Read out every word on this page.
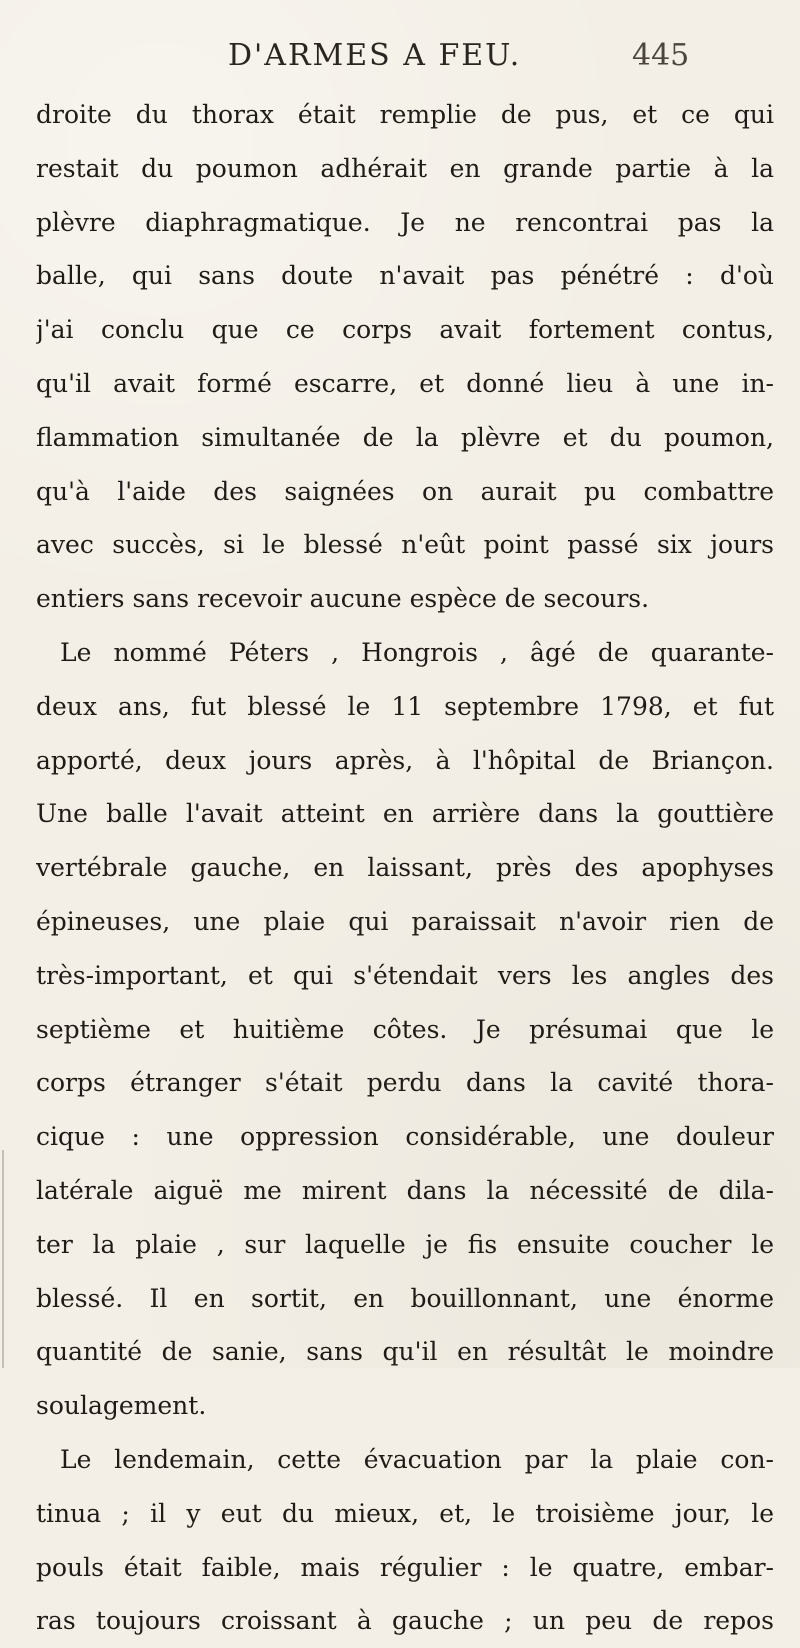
D'ARMES A FEU.	445
droite du thorax était remplie de pus, et ce qui
restait du poumon adhérait en grande partie à la
plèvre diaphragmatique. Je ne rencontrai pas la
balle, qui sans doute n'avait pas pénétré : d'où
j'ai conclu que ce corps avait fortement contus,
qu'il avait formé escarre, et donné lieu à une in-
flammation simultanée de la plèvre et du poumon,
qu'à l'aide des saignées on aurait pu combattre
avec succès, si le blessé n'eût point passé six jours
entiers sans recevoir aucune espèce de secours.
Le nommé Péters , Hongrois , âgé de quarante-
deux ans, fut blessé le 11 septembre 1798, et fut
apporté, deux jours après, à l'hôpital de Briançon.
Une balle l'avait atteint en arrière dans la gouttière
vertébrale gauche, en laissant, près des apophyses
épineuses, une plaie qui paraissait n'avoir rien de
très-important, et qui s'étendait vers les angles des
septième et huitième côtes. Je présumai que le
corps étranger s'était perdu dans la cavité thora-
cique : une oppression considérable, une douleur
latérale aiguë me mirent dans la nécessité de dila-
ter la plaie , sur laquelle je fis ensuite coucher le
blessé. Il en sortit, en bouillonnant, une énorme
quantité de sanie, sans qu'il en résultât le moindre
soulagement.
Le lendemain, cette évacuation par la plaie con-
tinua ; il y eut du mieux, et, le troisième jour, le
pouls était faible, mais régulier : le quatre, embar-
ras toujours croissant à gauche ; un peu de repos
